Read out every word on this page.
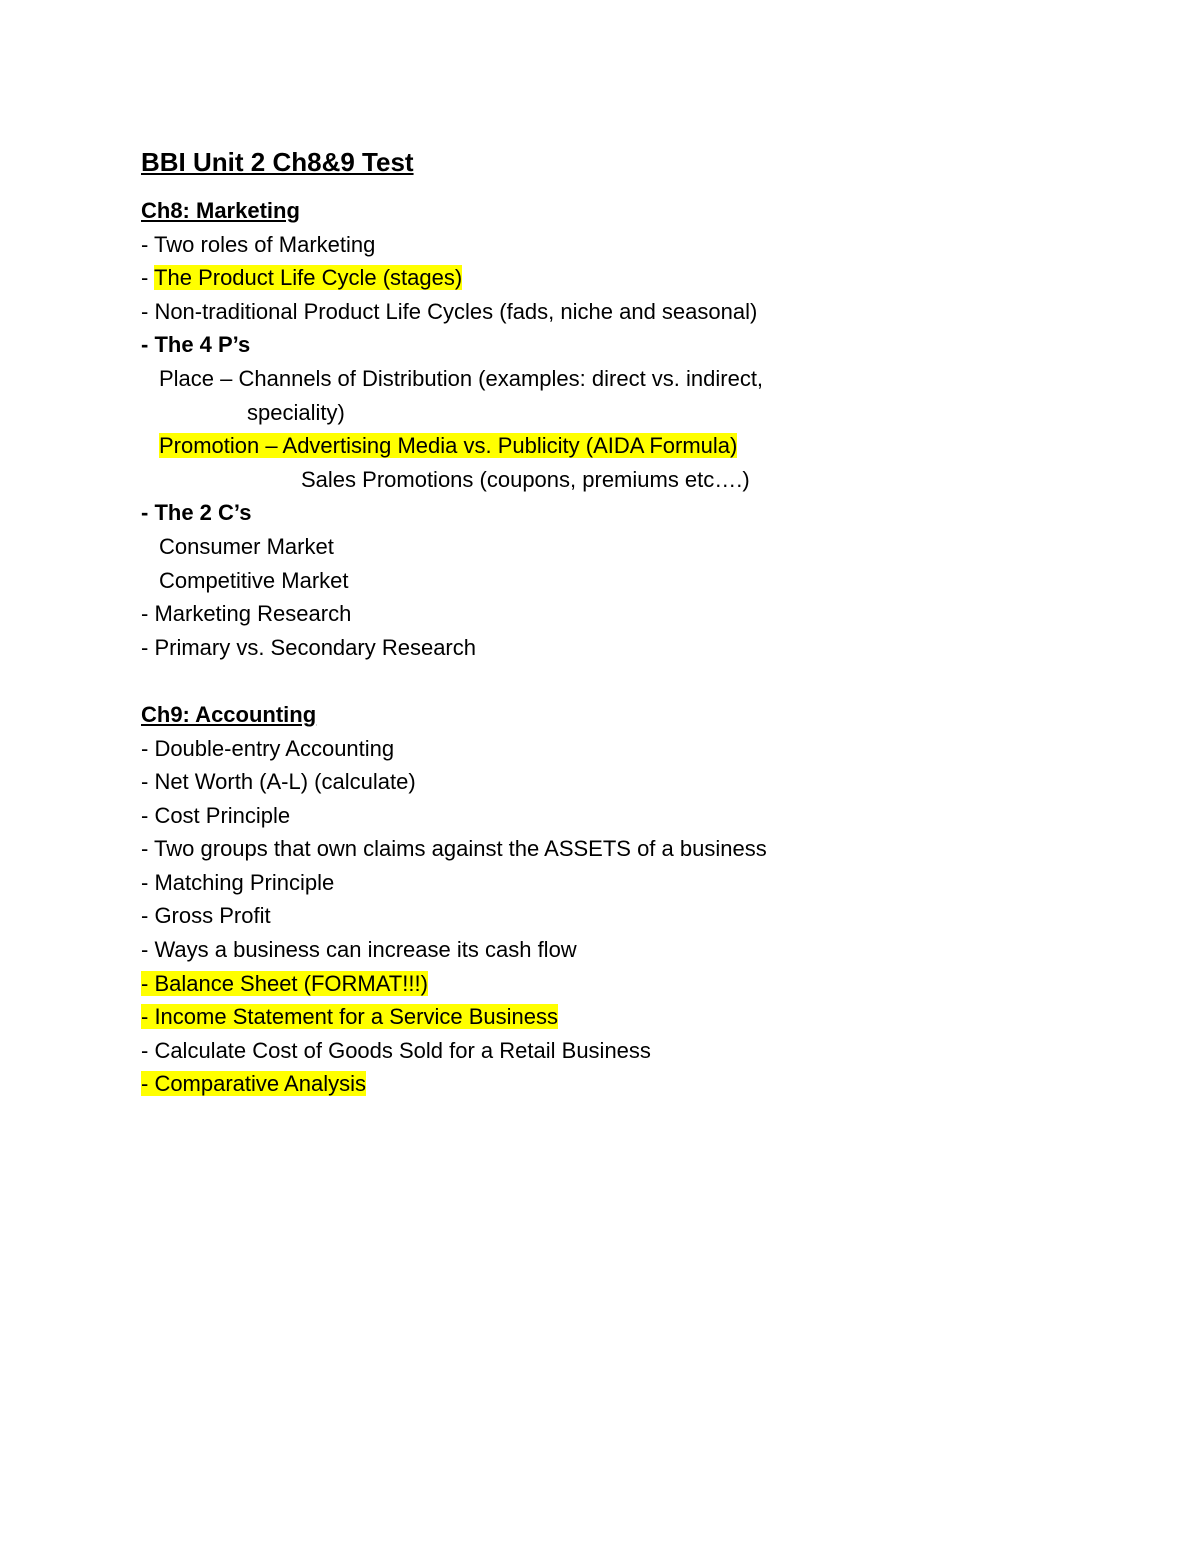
BBI Unit 2 Ch8&9 Test
Ch8: Marketing
- Two roles of Marketing
- The Product Life Cycle (stages)
- Non-traditional Product Life Cycles (fads, niche and seasonal)
- The 4 P’s
Place – Channels of Distribution (examples: direct vs. indirect,
speciality)
Promotion – Advertising Media vs. Publicity (AIDA Formula)
Sales Promotions (coupons, premiums etc….)
- The 2 C’s
Consumer Market
Competitive Market
- Marketing Research
- Primary vs. Secondary Research
Ch9: Accounting
- Double-entry Accounting
- Net Worth (A-L) (calculate)
- Cost Principle
- Two groups that own claims against the ASSETS of a business
- Matching Principle
- Gross Profit
- Ways a business can increase its cash flow
- Balance Sheet (FORMAT!!!)
- Income Statement for a Service Business
- Calculate Cost of Goods Sold for a Retail Business
- Comparative Analysis
